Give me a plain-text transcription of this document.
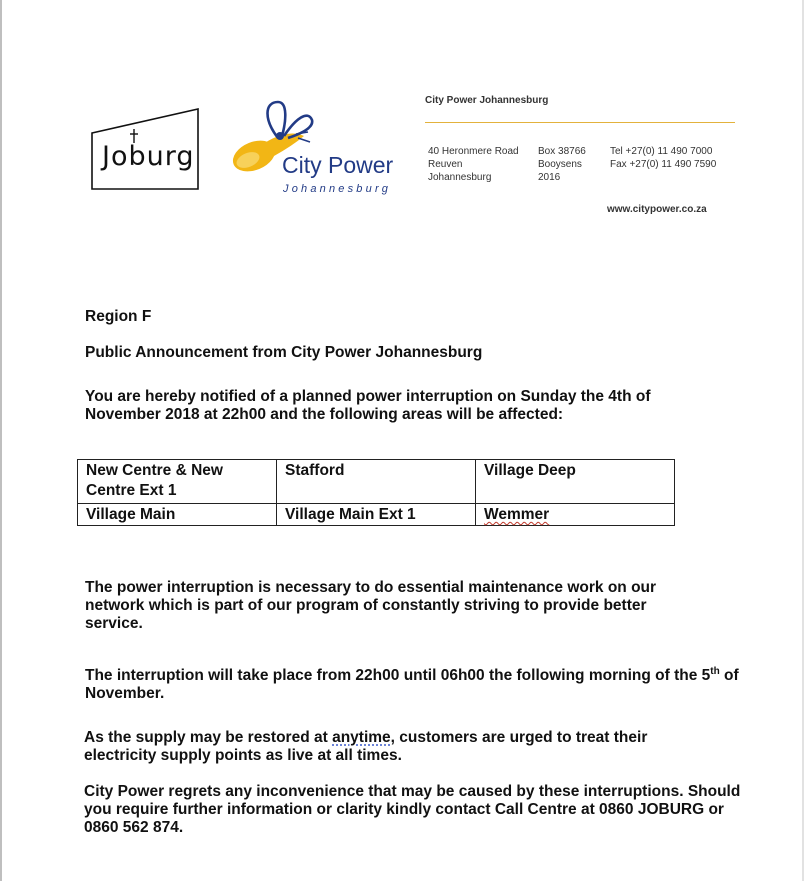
Joburg	City Power
Johannesburg
City Power Johannesburg
40 Heronmere Road
Reuven
Johannesburg
Box 38766
Booysens
2016
Tel +27(0) 11 490 7000
Fax +27(0) 11 490 7590
www.citypower.co.za
Region F
Public Announcement from City Power Johannesburg
You are hereby notified of a planned power interruption on Sunday the 4th of November 2018 at 22h00 and the following areas will be affected:
New Centre & New Centre Ext 1	Stafford	Village Deep
Village Main	Village Main Ext 1	Wemmer
The power interruption is necessary to do essential maintenance work on our network which is part of our program of constantly striving to provide better service.
The interruption will take place from 22h00 until 06h00 the following morning of the 5th of November.
As the supply may be restored at anytime, customers are urged to treat their electricity supply points as live at all times.
City Power regrets any inconvenience that may be caused by these interruptions. Should you require further information or clarity kindly contact Call Centre at 0860 JOBURG or 0860 562 874.
